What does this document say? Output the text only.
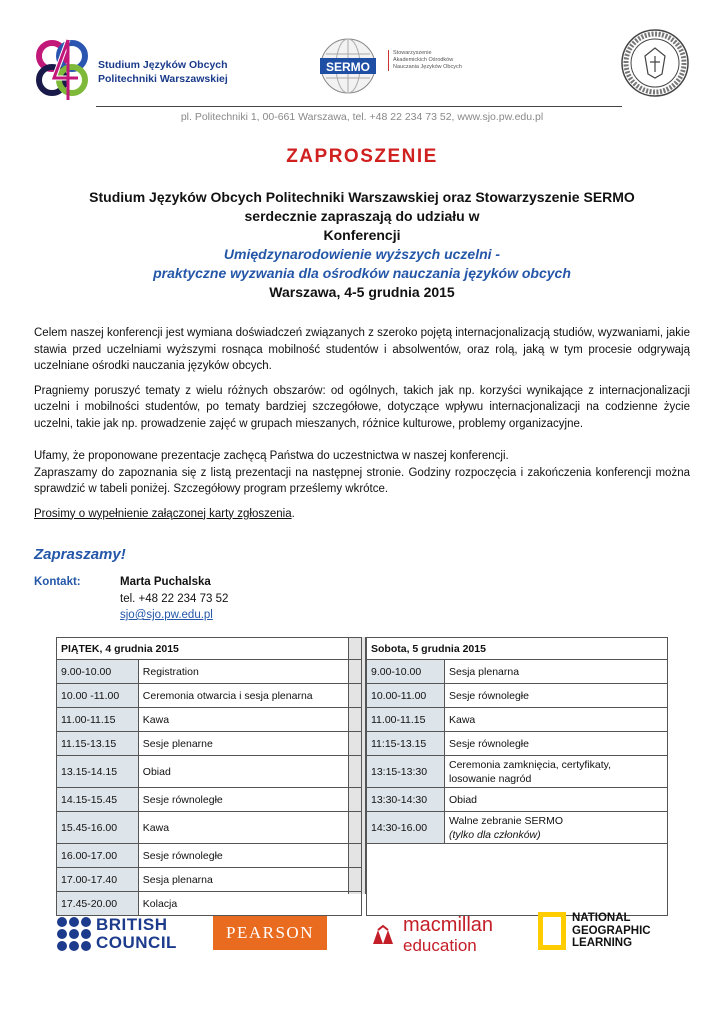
Studium Języków Obcych
Politechniki Warszawskiej
SERMO
Stowarzyszenie
Akademickich Ośrodków
Nauczania Języków Obcych
pl. Politechniki 1, 00-661 Warszawa, tel. +48 22 234 73 52, www.sjo.pw.edu.pl
ZAPROSZENIE
Studium Języków Obcych Politechniki Warszawskiej oraz Stowarzyszenie SERMO
serdecznie zapraszają do udziału w
Konferencji
Umiędzynarodowienie wyższych uczelni -
praktyczne wyzwania dla ośrodków nauczania języków obcych
Warszawa, 4-5 grudnia 2015

Celem naszej konferencji jest wymiana doświadczeń związanych z szeroko pojętą internacjonalizacją studiów, wyzwaniami, jakie stawia przed uczelniami wyższymi rosnąca mobilność studentów i absolwentów, oraz rolą, jaką w tym procesie odgrywają uczelniane ośrodki nauczania języków obcych.

Pragniemy poruszyć tematy z wielu różnych obszarów: od ogólnych, takich jak np. korzyści wynikające z internacjonalizacji uczelni i mobilności studentów, po tematy bardziej szczegółowe, dotyczące wpływu internacjonalizacji na codzienne życie uczelni, takie jak np. prowadzenie zajęć w grupach mieszanych, różnice kulturowe, problemy organizacyjne.

Ufamy, że proponowane prezentacje zachęcą Państwa do uczestnictwa w naszej konferencji.

Zapraszamy do zapoznania się z listą prezentacji na następnej stronie. Godziny rozpoczęcia i zakończenia konferencji można sprawdzić w tabeli poniżej. Szczegółowy program prześlemy wkrótce.

Prosimy o wypełnienie załączonej karty zgłoszenia.
Zapraszamy!
Kontakt:	Marta Puchalska
tel. +48 22 234 73 52
sjo@sjo.pw.edu.pl
PIĄTEK, 4 grudnia 2015	
9.00-10.00	Registration
10.00 -11.00	Ceremonia otwarcia i sesja plenarna
11.00-11.15	Kawa
11.15-13.15	Sesje plenarne
13.15-14.15	Obiad
14.15-15.45	Sesje równoległe
15.45-16.00	Kawa
16.00-17.00	Sesje równoległe
17.00-17.40	Sesja plenarna
17.45-20.00	Kolacja
Sobota, 5 grudnia 2015	
9.00-10.00	Sesja plenarna
10.00-11.00	Sesje równoległe
11.00-11.15	Kawa
11:15-13.15	Sesje równoległe
13:15-13:30	Ceremonia zamknięcia, certyfikaty,
losowanie nagród

13:30-14:30	Obiad
14:30-16.00	Walne zebranie SERMO
(tylko dla członków)

BRITISH
COUNCIL
PEARSON	macmillan
education
NATIONAL
GEOGRAPHIC
LEARNING
